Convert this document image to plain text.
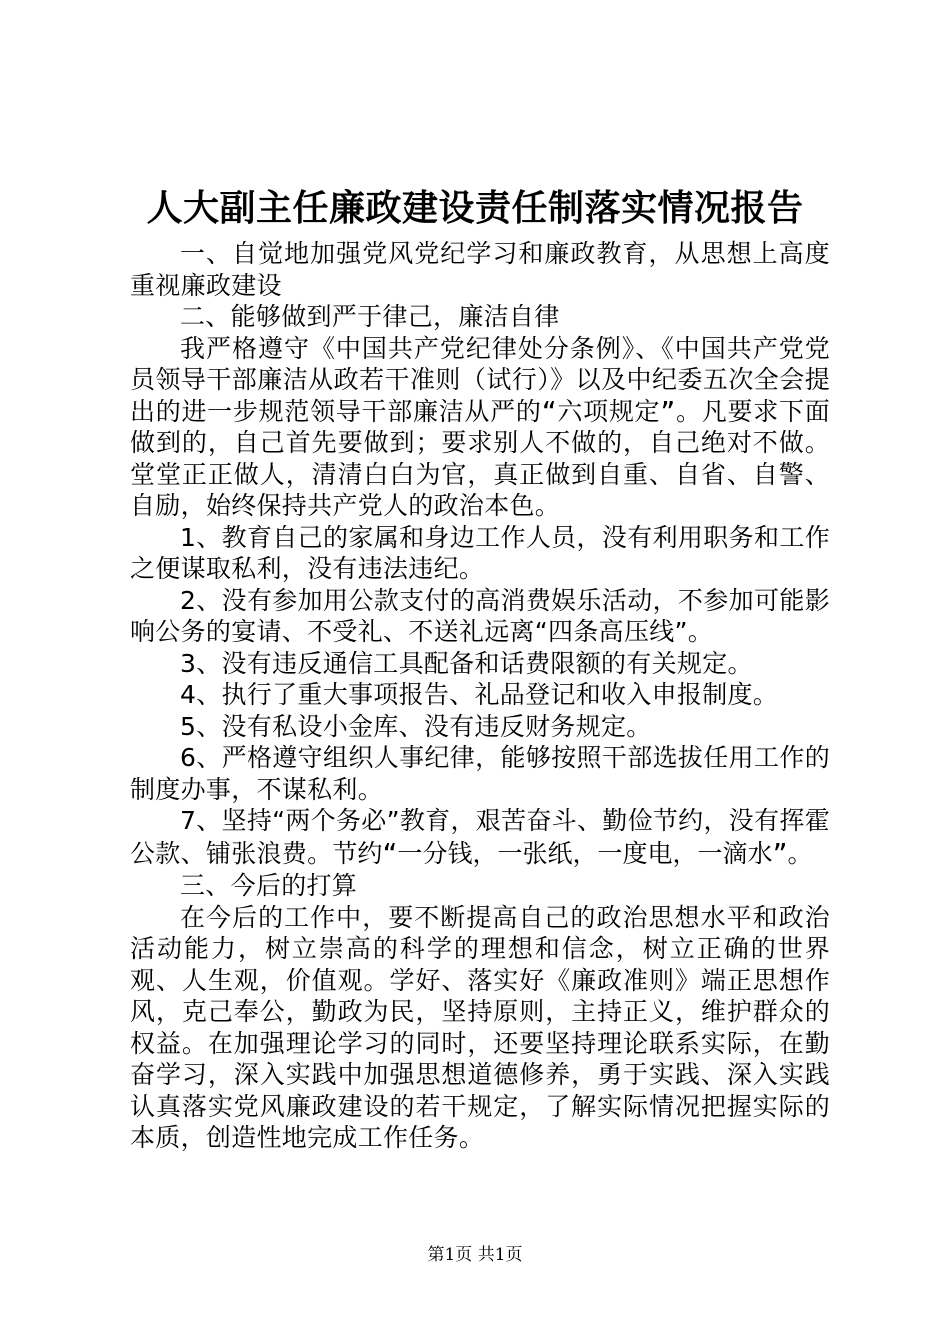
人大副主任廉政建设责任制落实情况报告

一、自觉地加强党风党纪学习和廉政教育，从思想上高度重视廉政建设

二、能够做到严于律己，廉洁自律

我严格遵守《中国共产党纪律处分条例》、《中国共产党党员领导干部廉洁从政若干准则（试行）》以及中纪委五次全会提出的进一步规范领导干部廉洁从严的“六项规定”。凡要求下面做到的，自己首先要做到；要求别人不做的，自己绝对不做。堂堂正正做人，清清白白为官，真正做到自重、自省、自警、自励，始终保持共产党人的政治本色。

1、教育自己的家属和身边工作人员，没有利用职务和工作之便谋取私利，没有违法违纪。

2、没有参加用公款支付的高消费娱乐活动，不参加可能影响公务的宴请、不受礼、不送礼远离“四条高压线”。

3、没有违反通信工具配备和话费限额的有关规定。

4、执行了重大事项报告、礼品登记和收入申报制度。

5、没有私设小金库、没有违反财务规定。

6、严格遵守组织人事纪律，能够按照干部选拔任用工作的制度办事，不谋私利。

7、坚持“两个务必”教育，艰苦奋斗、勤俭节约，没有挥霍公款、铺张浪费。节约“一分钱，一张纸，一度电，一滴水”。

三、今后的打算

在今后的工作中，要不断提高自己的政治思想水平和政治活动能力，树立崇高的科学的理想和信念，树立正确的世界观、人生观，价值观。学好、落实好《廉政准则》端正思想作风，克己奉公，勤政为民，坚持原则，主持正义，维护群众的权益。在加强理论学习的同时，还要坚持理论联系实际，在勤奋学习，深入实践中加强思想道德修养，勇于实践、深入实践认真落实党风廉政建设的若干规定，了解实际情况把握实际的本质，创造性地完成工作任务。

第1页 共1页
